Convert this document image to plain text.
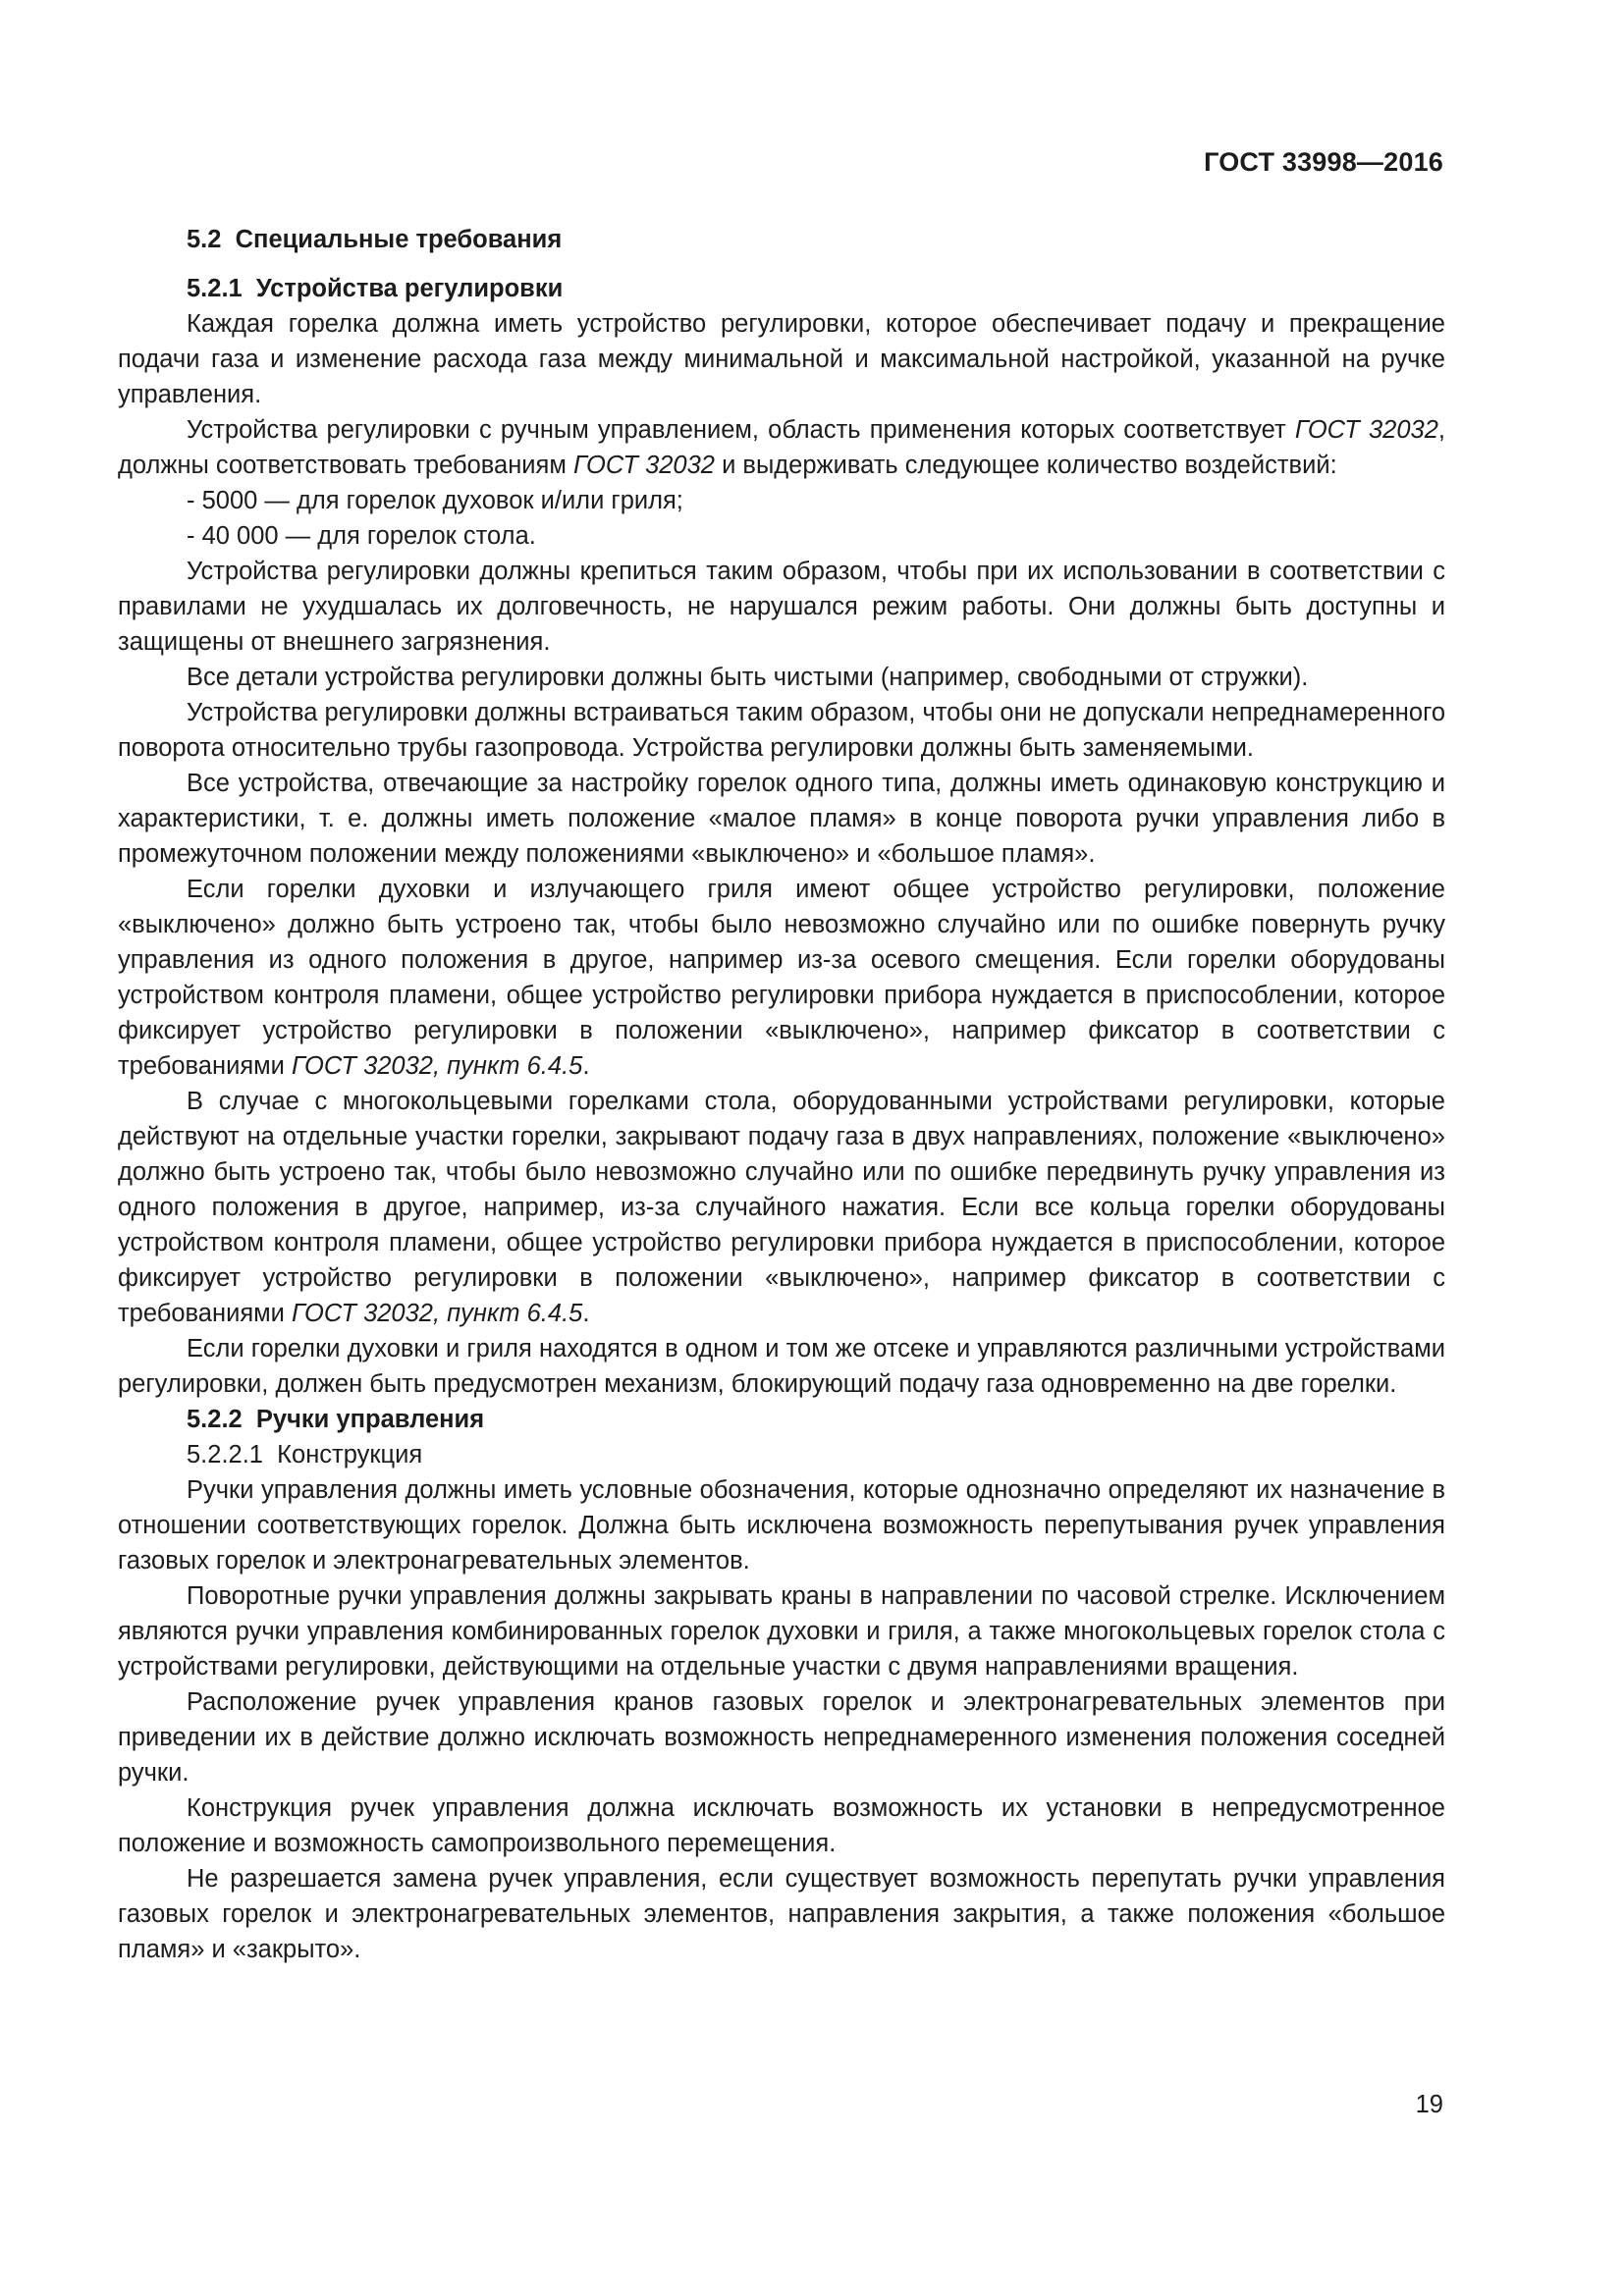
ГОСТ 33998—2016

5.2 Специальные требования

5.2.1 Устройства регулировки

Каждая горелка должна иметь устройство регулировки, которое обеспечивает подачу и прекращение подачи газа и изменение расхода газа между минимальной и максимальной настройкой, указанной на ручке управления.

Устройства регулировки с ручным управлением, область применения которых соответствует ГОСТ 32032, должны соответствовать требованиям ГОСТ 32032 и выдерживать следующее количество воздействий:

- 5000 — для горелок духовок и/или гриля;

- 40 000 — для горелок стола.

Устройства регулировки должны крепиться таким образом, чтобы при их использовании в соответствии с правилами не ухудшалась их долговечность, не нарушался режим работы. Они должны быть доступны и защищены от внешнего загрязнения.

Все детали устройства регулировки должны быть чистыми (например, свободными от стружки).

Устройства регулировки должны встраиваться таким образом, чтобы они не допускали непреднамеренного поворота относительно трубы газопровода. Устройства регулировки должны быть заменяемыми.

Все устройства, отвечающие за настройку горелок одного типа, должны иметь одинаковую конструкцию и характеристики, т. е. должны иметь положение «малое пламя» в конце поворота ручки управления либо в промежуточном положении между положениями «выключено» и «большое пламя».

Если горелки духовки и излучающего гриля имеют общее устройство регулировки, положение «выключено» должно быть устроено так, чтобы было невозможно случайно или по ошибке повернуть ручку управления из одного положения в другое, например из-за осевого смещения. Если горелки оборудованы устройством контроля пламени, общее устройство регулировки прибора нуждается в приспособлении, которое фиксирует устройство регулировки в положении «выключено», например фиксатор в соответствии с требованиями ГОСТ 32032, пункт 6.4.5.

В случае с многокольцевыми горелками стола, оборудованными устройствами регулировки, которые действуют на отдельные участки горелки, закрывают подачу газа в двух направлениях, положение «выключено» должно быть устроено так, чтобы было невозможно случайно или по ошибке передвинуть ручку управления из одного положения в другое, например, из-за случайного нажатия. Если все кольца горелки оборудованы устройством контроля пламени, общее устройство регулировки прибора нуждается в приспособлении, которое фиксирует устройство регулировки в положении «выключено», например фиксатор в соответствии с требованиями ГОСТ 32032, пункт 6.4.5.

Если горелки духовки и гриля находятся в одном и том же отсеке и управляются различными устройствами регулировки, должен быть предусмотрен механизм, блокирующий подачу газа одновременно на две горелки.

5.2.2 Ручки управления

5.2.2.1 Конструкция

Ручки управления должны иметь условные обозначения, которые однозначно определяют их назначение в отношении соответствующих горелок. Должна быть исключена возможность перепутывания ручек управления газовых горелок и электронагревательных элементов.

Поворотные ручки управления должны закрывать краны в направлении по часовой стрелке. Исключением являются ручки управления комбинированных горелок духовки и гриля, а также многокольцевых горелок стола с устройствами регулировки, действующими на отдельные участки с двумя направлениями вращения.

Расположение ручек управления кранов газовых горелок и электронагревательных элементов при приведении их в действие должно исключать возможность непреднамеренного изменения положения соседней ручки.

Конструкция ручек управления должна исключать возможность их установки в непредусмотренное положение и возможность самопроизвольного перемещения.

Не разрешается замена ручек управления, если существует возможность перепутать ручки управления газовых горелок и электронагревательных элементов, направления закрытия, а также положения «большое пламя» и «закрыто».

19
